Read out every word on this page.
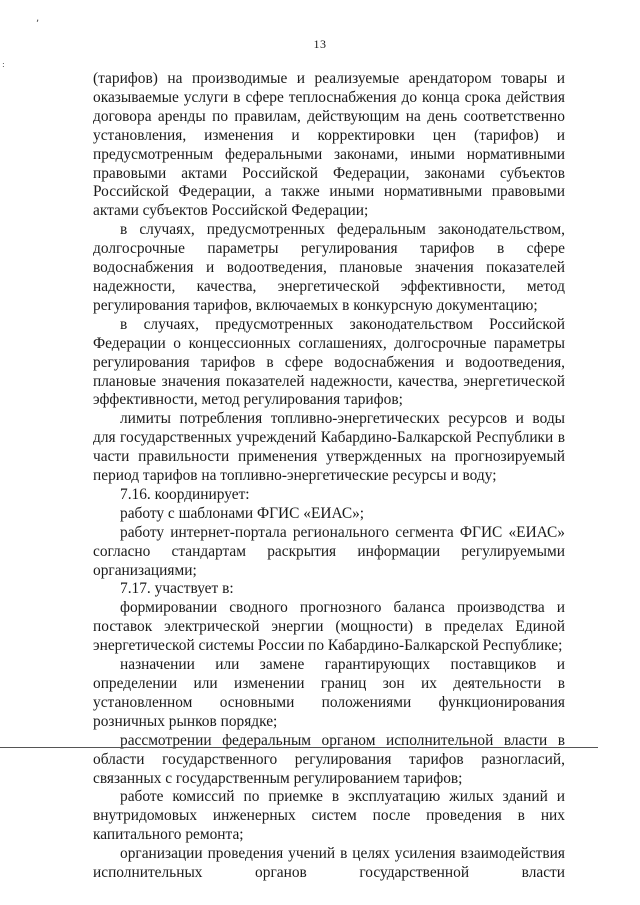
,
:
13

(тарифов) на производимые и реализуемые арендатором товары и оказываемые услуги в сфере теплоснабжения до конца срока действия договора аренды по правилам, действующим на день соответственно установления, изменения и корректировки цен (тарифов) и предусмотренным федеральными законами, иными нормативными правовыми актами Российской Федерации, законами субъектов Российской Федерации, а также иными нормативными правовыми актами субъектов Российской Федерации;

в случаях, предусмотренных федеральным законодательством, долгосрочные параметры регулирования тарифов в сфере водоснабжения и водоотведения, плановые значения показателей надежности, качества, энергетической эффективности, метод регулирования тарифов, включаемых в конкурсную документацию;

в случаях, предусмотренных законодательством Российской Федерации о концессионных соглашениях, долгосрочные параметры регулирования тарифов в сфере водоснабжения и водоотведения, плановые значения показателей надежности, качества, энергетической эффективности, метод регулирования тарифов;

лимиты потребления топливно-энергетических ресурсов и воды для государственных учреждений Кабардино-Балкарской Республики в части правильности применения утвержденных на прогнозируемый период тарифов на топливно-энергетические ресурсы и воду;

7.16. координирует:

работу с шаблонами ФГИС «ЕИАС»;

работу интернет-портала регионального сегмента ФГИС «ЕИАС» согласно стандартам раскрытия информации регулируемыми организациями;

7.17. участвует в:

формировании сводного прогнозного баланса производства и поставок электрической энергии (мощности) в пределах Единой энергетической системы России по Кабардино-Балкарской Республике;

назначении или замене гарантирующих поставщиков и определении или изменении границ зон их деятельности в установленном основными положениями функционирования розничных рынков порядке;

рассмотрении федеральным органом исполнительной власти в области государственного регулирования тарифов разногласий, связанных с государственным регулированием тарифов;

работе комиссий по приемке в эксплуатацию жилых зданий и внутридомовых инженерных систем после проведения в них капитального ремонта;

организации проведения учений в целях усиления взаимодействия исполнительных органов государственной власти
